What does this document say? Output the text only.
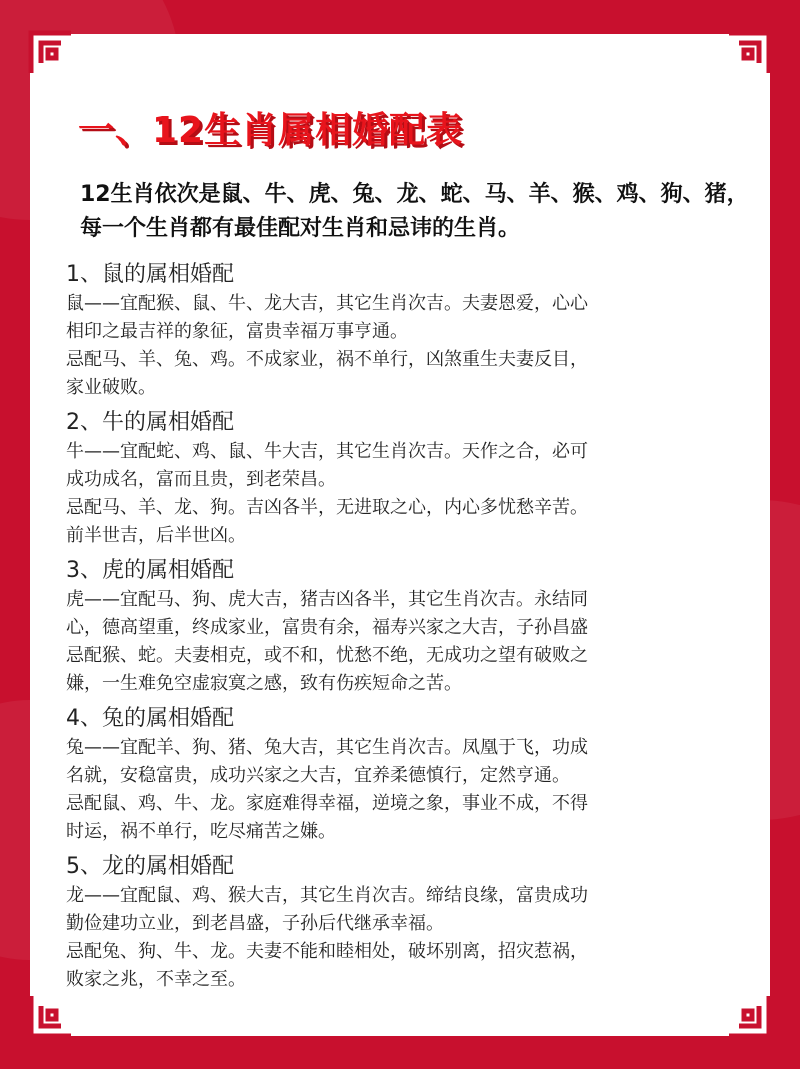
一、12生肖属相婚配表
12生肖依次是鼠、牛、虎、兔、龙、蛇、马、羊、猴、鸡、狗、猪，每一个生肖都有最佳配对生肖和忌讳的生肖。

1、鼠的属相婚配

鼠——宜配猴、鼠、牛、龙大吉，其它生肖次吉。夫妻恩爱，心心

相印之最吉祥的象征，富贵幸福万事亨通。

忌配马、羊、兔、鸡。不成家业，祸不单行，凶煞重生夫妻反目，

家业破败。

2、牛的属相婚配

牛——宜配蛇、鸡、鼠、牛大吉，其它生肖次吉。天作之合，必可

成功成名，富而且贵，到老荣昌。

忌配马、羊、龙、狗。吉凶各半，无进取之心，内心多忧愁辛苦。

前半世吉，后半世凶。

3、虎的属相婚配

虎——宜配马、狗、虎大吉，猪吉凶各半，其它生肖次吉。永结同

心，德高望重，终成家业，富贵有余，福寿兴家之大吉，子孙昌盛

忌配猴、蛇。夫妻相克，或不和，忧愁不绝，无成功之望有破败之

嫌，一生难免空虚寂寞之感，致有伤疾短命之苦。

4、兔的属相婚配

兔——宜配羊、狗、猪、兔大吉，其它生肖次吉。凤凰于飞，功成

名就，安稳富贵，成功兴家之大吉，宜养柔德慎行，定然亨通。

忌配鼠、鸡、牛、龙。家庭难得幸福，逆境之象，事业不成，不得

时运，祸不单行，吃尽痛苦之嫌。

5、龙的属相婚配

龙——宜配鼠、鸡、猴大吉，其它生肖次吉。缔结良缘，富贵成功

勤俭建功立业，到老昌盛，子孙后代继承幸福。

忌配兔、狗、牛、龙。夫妻不能和睦相处，破坏别离，招灾惹祸，

败家之兆，不幸之至。
